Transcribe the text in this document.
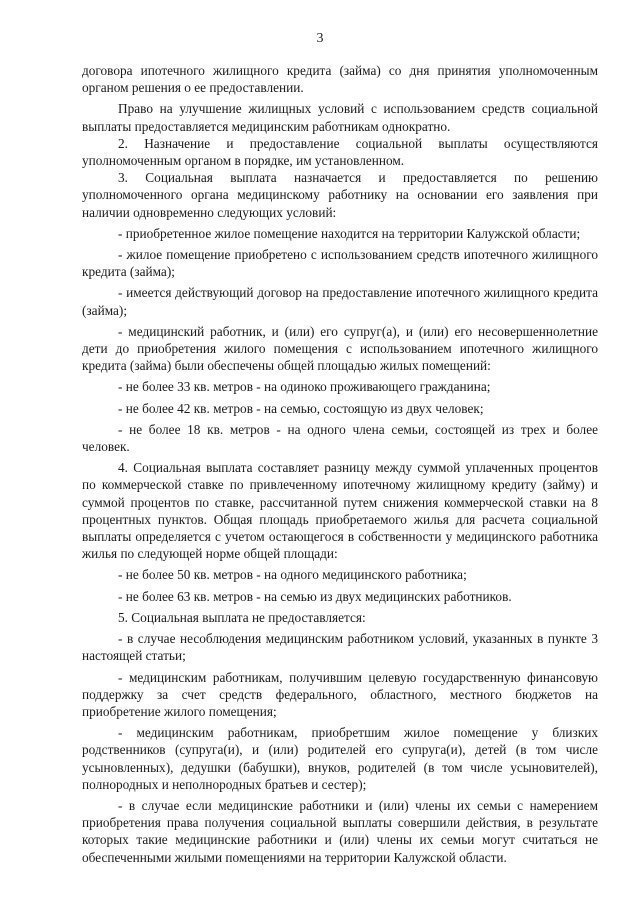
3

договора ипотечного жилищного кредита (займа) со дня принятия уполномоченным органом решения о ее предоставлении.

Право на улучшение жилищных условий с использованием средств социальной выплаты предоставляется медицинским работникам однократно.

2. Назначение и предоставление социальной выплаты осуществляются уполномоченным органом в порядке, им установленном.

3. Социальная выплата назначается и предоставляется по решению уполномоченного органа медицинскому работнику на основании его заявления при наличии одновременно следующих условий:

- приобретенное жилое помещение находится на территории Калужской области;

- жилое помещение приобретено с использованием средств ипотечного жилищного кредита (займа);

- имеется действующий договор на предоставление ипотечного жилищного кредита (займа);

- медицинский работник, и (или) его супруг(а), и (или) его несовершеннолетние дети до приобретения жилого помещения с использованием ипотечного жилищного кредита (займа) были обеспечены общей площадью жилых помещений:

- не более 33 кв. метров - на одиноко проживающего гражданина;

- не более 42 кв. метров - на семью, состоящую из двух человек;

- не более 18 кв. метров - на одного члена семьи, состоящей из трех и более человек.

4. Социальная выплата составляет разницу между суммой уплаченных процентов по коммерческой ставке по привлеченному ипотечному жилищному кредиту (займу) и суммой процентов по ставке, рассчитанной путем снижения коммерческой ставки на 8 процентных пунктов. Общая площадь приобретаемого жилья для расчета социальной выплаты определяется с учетом остающегося в собственности у медицинского работника жилья по следующей норме общей площади:

- не более 50 кв. метров - на одного медицинского работника;

- не более 63 кв. метров - на семью из двух медицинских работников.

5. Социальная выплата не предоставляется:

- в случае несоблюдения медицинским работником условий, указанных в пункте 3 настоящей статьи;

- медицинским работникам, получившим целевую государственную финансовую поддержку за счет средств федерального, областного, местного бюджетов на приобретение жилого помещения;

- медицинским работникам, приобретшим жилое помещение у близких родственников (супруга(и), и (или) родителей его супруга(и), детей (в том числе усыновленных), дедушки (бабушки), внуков, родителей (в том числе усыновителей), полнородных и неполнородных братьев и сестер);

- в случае если медицинские работники и (или) члены их семьи с намерением приобретения права получения социальной выплаты совершили действия, в результате которых такие медицинские работники и (или) члены их семьи могут считаться не обеспеченными жилыми помещениями на территории Калужской области.
